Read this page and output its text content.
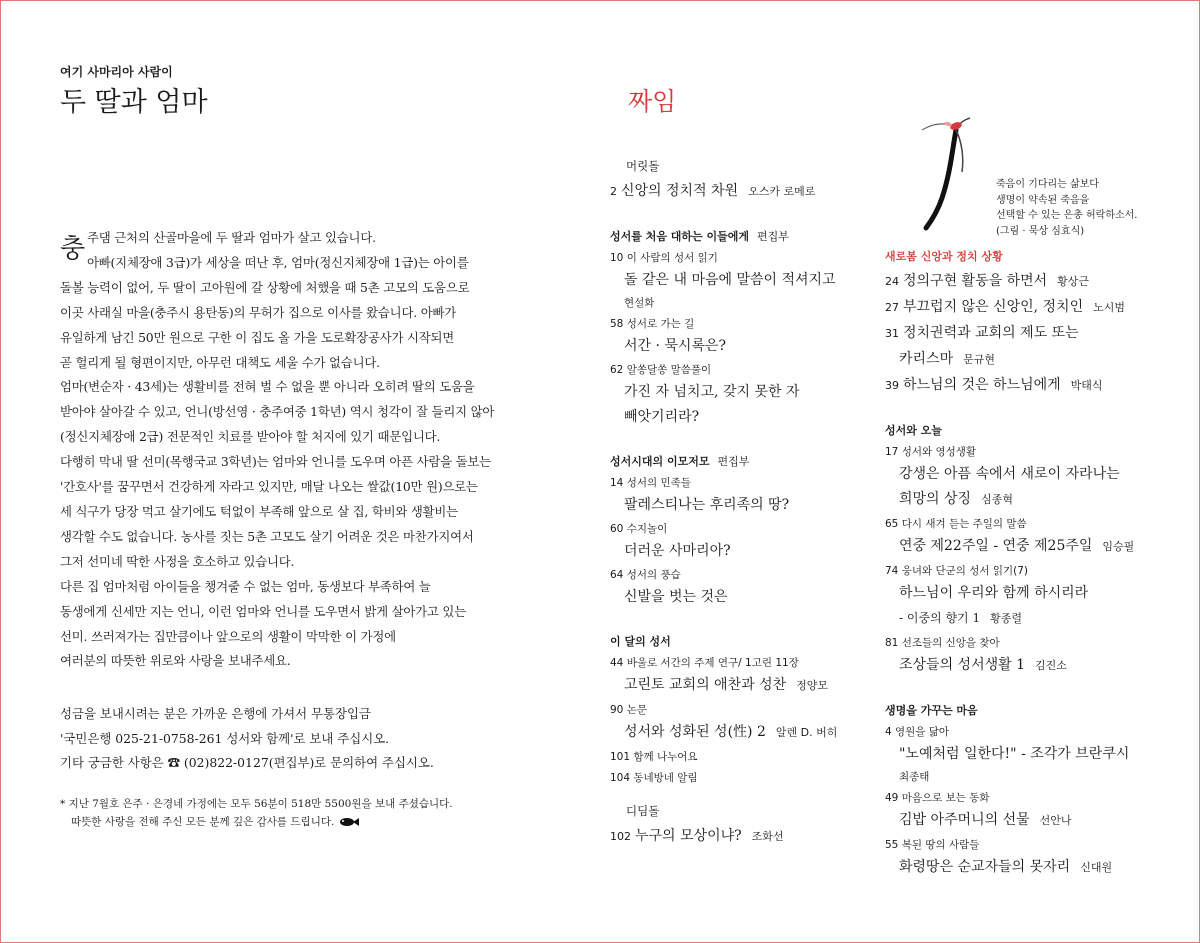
여기 사마리아 사람이
두 딸과 엄마
충 주댐 근처의 산골마을에 두 딸과 엄마가 살고 있습니다.
아빠(지체장애 3급)가 세상을 떠난 후, 엄마(정신지체장애 1급)는 아이를
돌볼 능력이 없어, 두 딸이 고아원에 갈 상황에 처했을 때 5촌 고모의 도움으로
이곳 사래실 마을(충주시 용탄동)의 무허가 집으로 이사를 왔습니다. 아빠가
유일하게 남긴 50만 원으로 구한 이 집도 올 가을 도로확장공사가 시작되면
곧 헐리게 될 형편이지만, 아무런 대책도 세울 수가 없습니다.
엄마(변순자 · 43세)는 생활비를 전혀 벌 수 없을 뿐 아니라 오히려 딸의 도움을
받아야 살아갈 수 있고, 언니(방선영 · 충주여중 1학년) 역시 청각이 잘 들리지 않아
(정신지체장애 2급) 전문적인 치료를 받아야 할 처지에 있기 때문입니다.
다행히 막내 딸 선미(목행국교 3학년)는 엄마와 언니를 도우며 아픈 사람을 돌보는
'간호사'를 꿈꾸면서 건강하게 자라고 있지만, 매달 나오는 쌀값(10만 원)으로는
세 식구가 당장 먹고 살기에도 턱없이 부족해 앞으로 살 집, 학비와 생활비는
생각할 수도 없습니다. 농사를 짓는 5촌 고모도 살기 어려운 것은 마찬가지여서
그저 선미네 딱한 사정을 호소하고 있습니다.
다른 집 엄마처럼 아이들을 챙겨줄 수 없는 엄마, 동생보다 부족하여 늘
동생에게 신세만 지는 언니, 이런 엄마와 언니를 도우면서 밝게 살아가고 있는
선미. 쓰러져가는 집만큼이나 앞으로의 생활이 막막한 이 가정에
여러분의 따뜻한 위로와 사랑을 보내주세요.
성금을 보내시려는 분은 가까운 은행에 가셔서 무통장입금
'국민은행 025-21-0758-261 성서와 함께'로 보내 주십시오.
기타 궁금한 사항은 ☎ (02)822-0127(편집부)로 문의하여 주십시오.
* 지난 7월호 은주 · 은경네 가정에는 모두 56분이 518만 5500원을 보내 주셨습니다.
따뜻한 사랑을 전해 주신 모든 분께 깊은 감사를 드립니다.
짜임
죽음이 기다리는 삶보다
생명이 약속된 죽음을
선택할 수 있는 은총 허락하소서.
(그림 · 묵상 심효식)
머릿돌
2 신앙의 정치적 차원 오스카 로메로
성서를 처음 대하는 이들에게 편집부
10 이 사람의 성서 읽기
돌 같은 내 마음에 말씀이 적셔지고
현설화
58 성서로 가는 길
서간 · 묵시록은?
62 알쏭달쏭 말씀풀이
가진 자 넘치고, 갖지 못한 자
빼앗기리라?
성서시대의 이모저모 편집부
14 성서의 민족들
팔레스티나는 후리족의 땅?
60 수지놀이
더러운 사마리아?
64 성서의 풍습
신발을 벗는 것은
이 달의 성서
44 바울로 서간의 주제 연구/ 1고린 11장
고린토 교회의 애찬과 성찬 정양모
90 논문
성서와 성화된 성(性) 2 알렌 D. 버히
101 함께 나누어요
104 동네방네 알림
디딤돌
102 누구의 모상이냐? 조화선
새로봄 신앙과 정치 상황
24 정의구현 활동을 하면서 황상근
27 부끄럽지 않은 신앙인, 정치인 노시범
31 정치권력과 교회의 제도 또는
카리스마 문규현
39 하느님의 것은 하느님에게 박태식
성서와 오늘
17 성서와 영성생활
강생은 아픔 속에서 새로이 자라나는
희망의 상징 심종혁
65 다시 새겨 듣는 주일의 말씀
연중 제22주일 - 연중 제25주일 임승필
74 웅녀와 단군의 성서 읽기(7)
하느님이 우리와 함께 하시리라
- 이중의 향기 1 황종렬
81 선조들의 신앙을 찾아
조상들의 성서생활 1 김진소
생명을 가꾸는 마음
4 영원을 닮아
"노예처럼 일한다!" - 조각가 브란쿠시
최종태
49 마음으로 보는 동화
김밥 아주머니의 선물 선안나
55 복된 땅의 사람들
화령땅은 순교자들의 못자리 신대원
